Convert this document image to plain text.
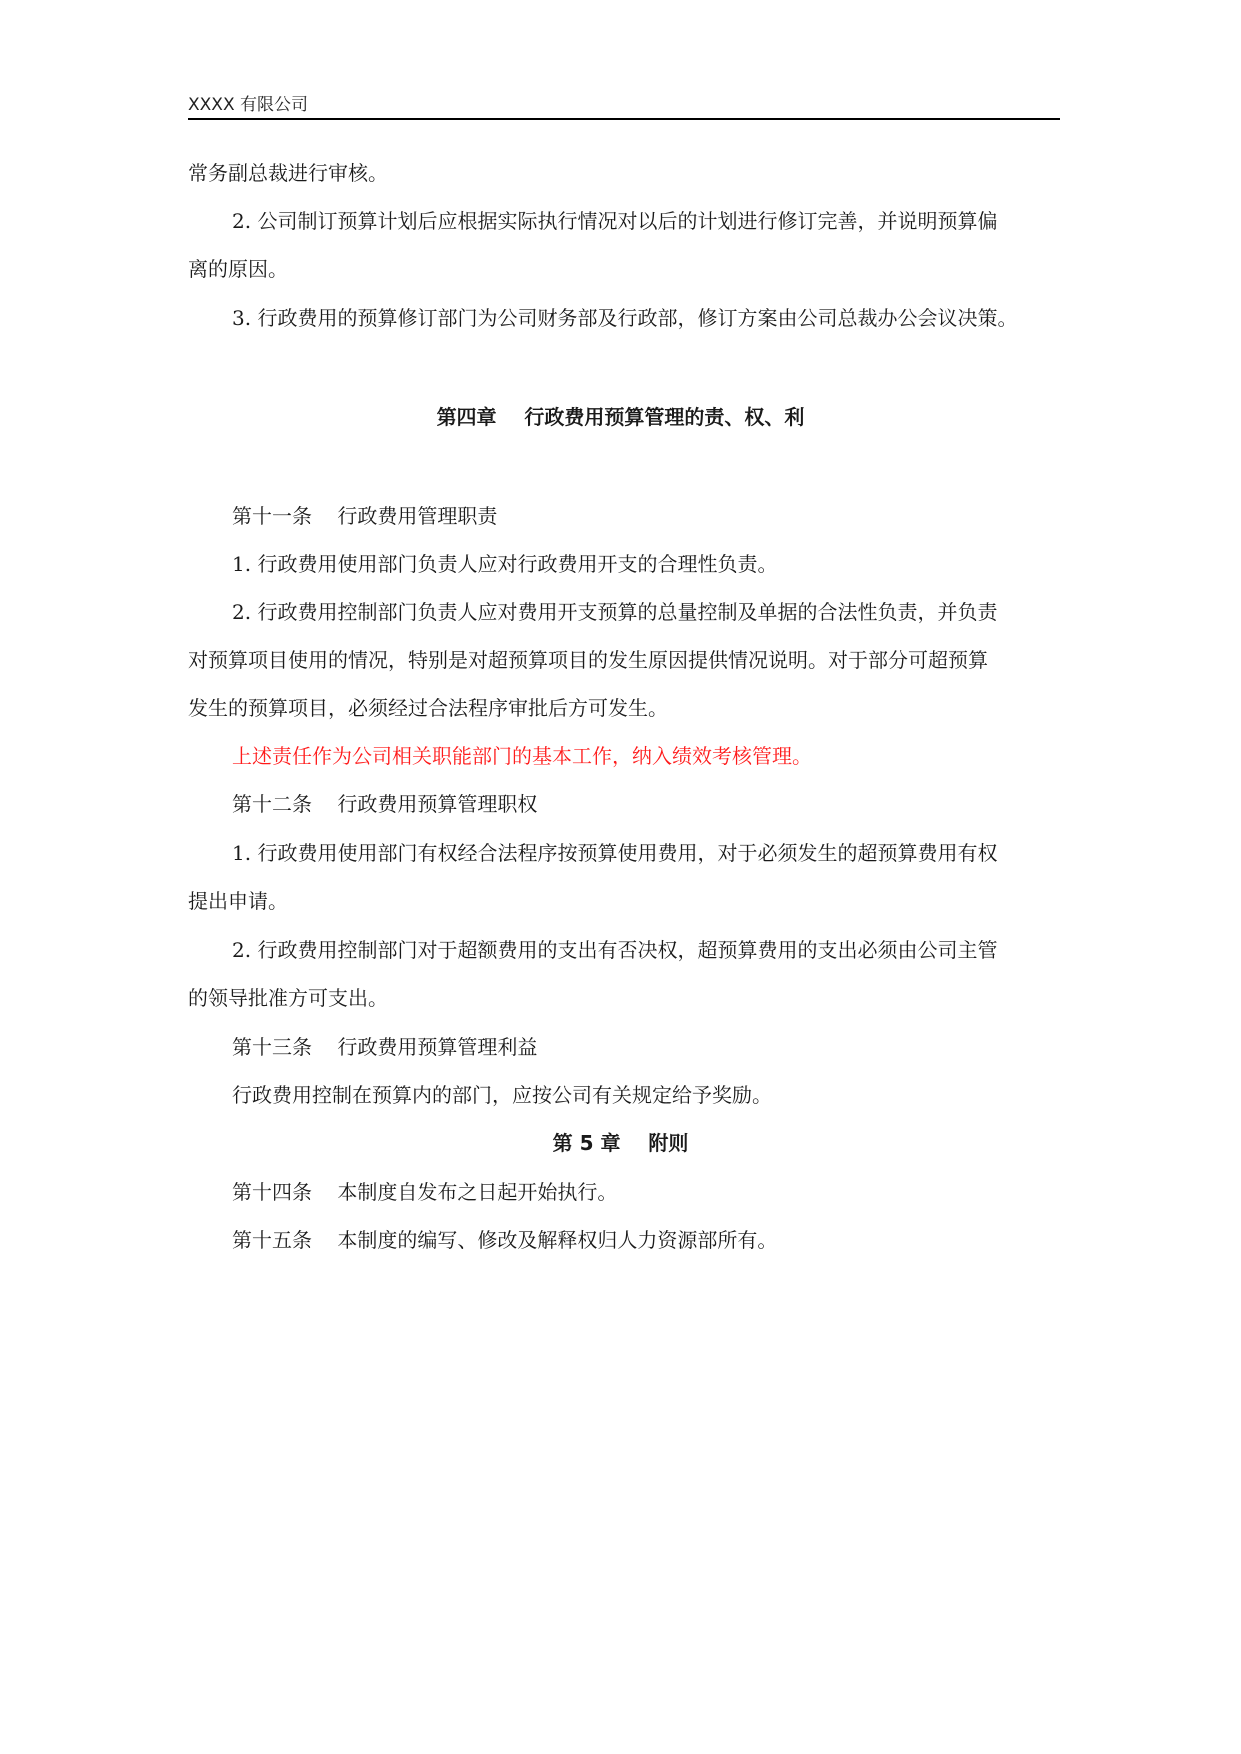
XXXX 有限公司
常务副总裁进行审核。
2. 公司制订预算计划后应根据实际执行情况对以后的计划进行修订完善，并说明预算偏
离的原因。
3. 行政费用的预算修订部门为公司财务部及行政部，修订方案由公司总裁办公会议决策。
第四章    行政费用预算管理的责、权、利
第十一条    行政费用管理职责
1. 行政费用使用部门负责人应对行政费用开支的合理性负责。
2. 行政费用控制部门负责人应对费用开支预算的总量控制及单据的合法性负责，并负责
对预算项目使用的情况，特别是对超预算项目的发生原因提供情况说明。对于部分可超预算
发生的预算项目，必须经过合法程序审批后方可发生。
上述责任作为公司相关职能部门的基本工作，纳入绩效考核管理。
第十二条    行政费用预算管理职权
1. 行政费用使用部门有权经合法程序按预算使用费用，对于必须发生的超预算费用有权
提出申请。
2. 行政费用控制部门对于超额费用的支出有否决权，超预算费用的支出必须由公司主管
的领导批准方可支出。
第十三条    行政费用预算管理利益
行政费用控制在预算内的部门，应按公司有关规定给予奖励。
第 5 章    附则
第十四条    本制度自发布之日起开始执行。
第十五条    本制度的编写、修改及解释权归人力资源部所有。
